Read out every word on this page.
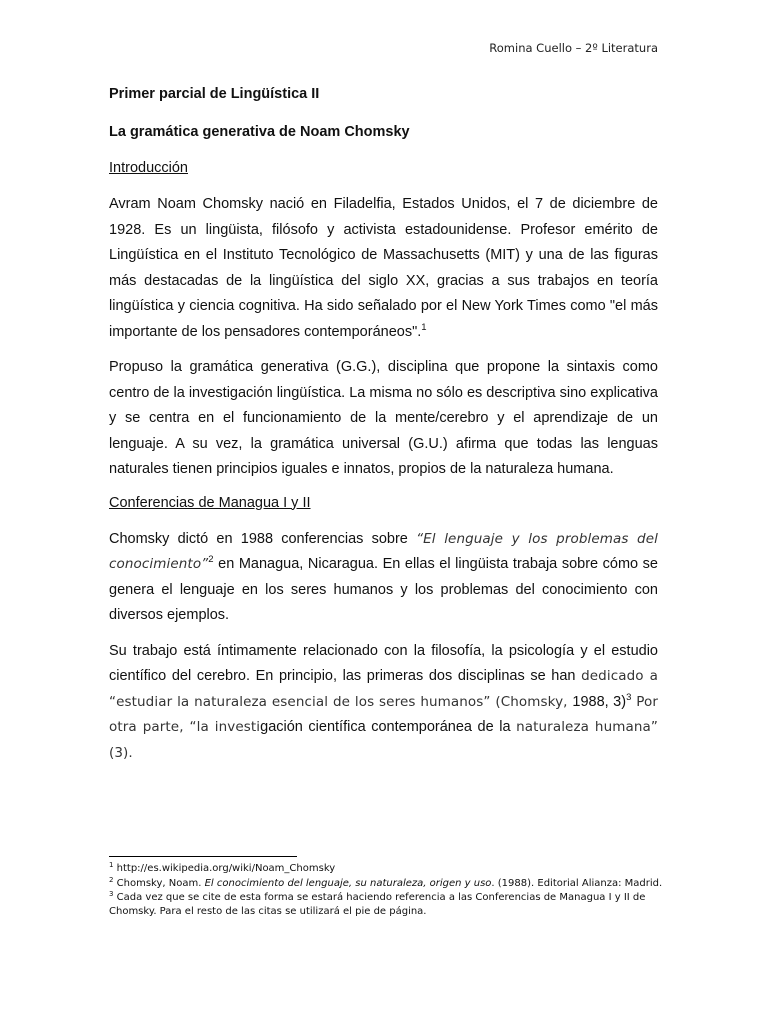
Romina Cuello – 2º Literatura
Primer parcial de Lingüística II
La gramática generativa de Noam Chomsky
Introducción

Avram Noam Chomsky nació en Filadelfia, Estados Unidos, el 7 de diciembre de 1928. Es un lingüista, filósofo y activista estadounidense. Profesor emérito de Lingüística en el Instituto Tecnológico de Massachusetts (MIT) y una de las figuras más destacadas de la lingüística del siglo XX, gracias a sus trabajos en teoría lingüística y ciencia cognitiva. Ha sido señalado por el New York Times como "el más importante de los pensadores contemporáneos".$^1$

Propuso la gramática generativa (G.G.), disciplina que propone la sintaxis como centro de la investigación lingüística. La misma no sólo es descriptiva sino explicativa y se centra en el funcionamiento de la mente/cerebro y el aprendizaje de un lenguaje. A su vez, la gramática universal (G.U.) afirma que todas las lenguas naturales tienen principios iguales e innatos, propios de la naturaleza humana.

Conferencias de Managua I y II

Chomsky dictó en 1988 conferencias sobre “El lenguaje y los problemas del conocimiento”$^2$ en Managua, Nicaragua. En ellas el lingüista trabaja sobre cómo se genera el lenguaje en los seres humanos y los problemas del conocimiento con diversos ejemplos.

Su trabajo está íntimamente relacionado con la filosofía, la psicología y el estudio científico del cerebro. En principio, las primeras dos disciplinas se han dedicado a “estudiar la naturaleza esencial de los seres humanos” (Chomsky, 1988, 3)$^3$ Por otra parte, “la investigación científica contemporánea de la naturaleza humana” (3).

$^1$ http://es.wikipedia.org/wiki/Noam_Chomsky
$^2$ Chomsky, Noam. El conocimiento del lenguaje, su naturaleza, origen y uso. (1988). Editorial Alianza: Madrid.
$^3$ Cada vez que se cite de esta forma se estará haciendo referencia a las Conferencias de Managua I y II de Chomsky. Para el resto de las citas se utilizará el pie de página.
